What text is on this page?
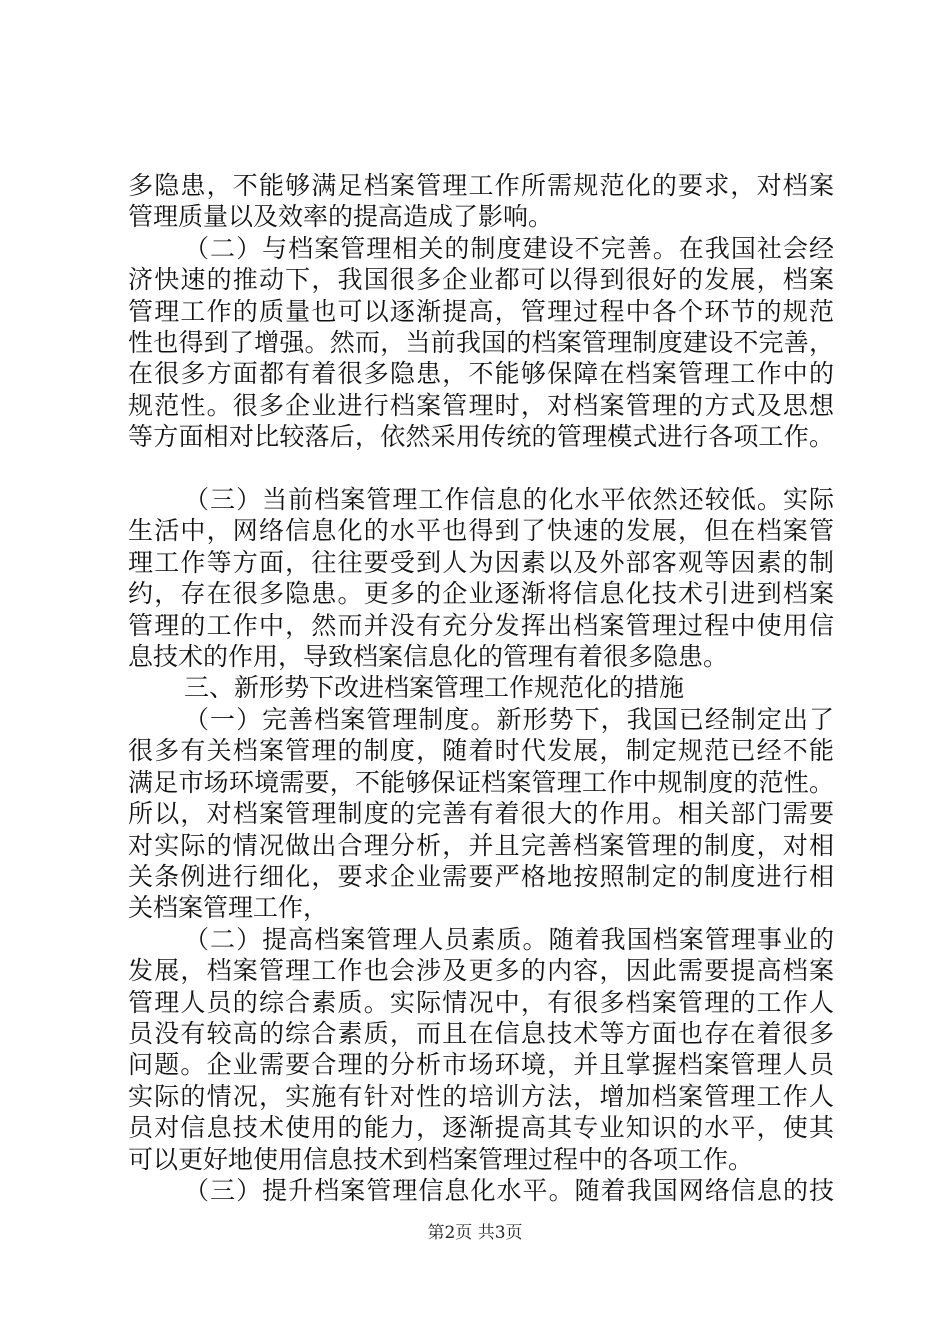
多隐患，不能够满足档案管理工作所需规范化的要求，对档案
管理质量以及效率的提高造成了影响。
（二）与档案管理相关的制度建设不完善。在我国社会经
济快速的推动下，我国很多企业都可以得到很好的发展，档案
管理工作的质量也可以逐渐提高，管理过程中各个环节的规范
性也得到了增强。然而，当前我国的档案管理制度建设不完善，
在很多方面都有着很多隐患，不能够保障在档案管理工作中的
规范性。很多企业进行档案管理时，对档案管理的方式及思想
等方面相对比较落后，依然采用传统的管理模式进行各项工作。
（三）当前档案管理工作信息的化水平依然还较低。实际
生活中，网络信息化的水平也得到了快速的发展，但在档案管
理工作等方面，往往要受到人为因素以及外部客观等因素的制
约，存在很多隐患。更多的企业逐渐将信息化技术引进到档案
管理的工作中，然而并没有充分发挥出档案管理过程中使用信
息技术的作用，导致档案信息化的管理有着很多隐患。
三、新形势下改进档案管理工作规范化的措施
（一）完善档案管理制度。新形势下，我国已经制定出了
很多有关档案管理的制度，随着时代发展，制定规范已经不能
满足市场环境需要，不能够保证档案管理工作中规制度的范性。
所以，对档案管理制度的完善有着很大的作用。相关部门需要
对实际的情况做出合理分析，并且完善档案管理的制度，对相
关条例进行细化，要求企业需要严格地按照制定的制度进行相
关档案管理工作，
（二）提高档案管理人员素质。随着我国档案管理事业的
发展，档案管理工作也会涉及更多的内容，因此需要提高档案
管理人员的综合素质。实际情况中，有很多档案管理的工作人
员没有较高的综合素质，而且在信息技术等方面也存在着很多
问题。企业需要合理的分析市场环境，并且掌握档案管理人员
实际的情况，实施有针对性的培训方法，增加档案管理工作人
员对信息技术使用的能力，逐渐提高其专业知识的水平，使其
可以更好地使用信息技术到档案管理过程中的各项工作。
（三）提升档案管理信息化水平。随着我国网络信息的技
第2页 共3页
